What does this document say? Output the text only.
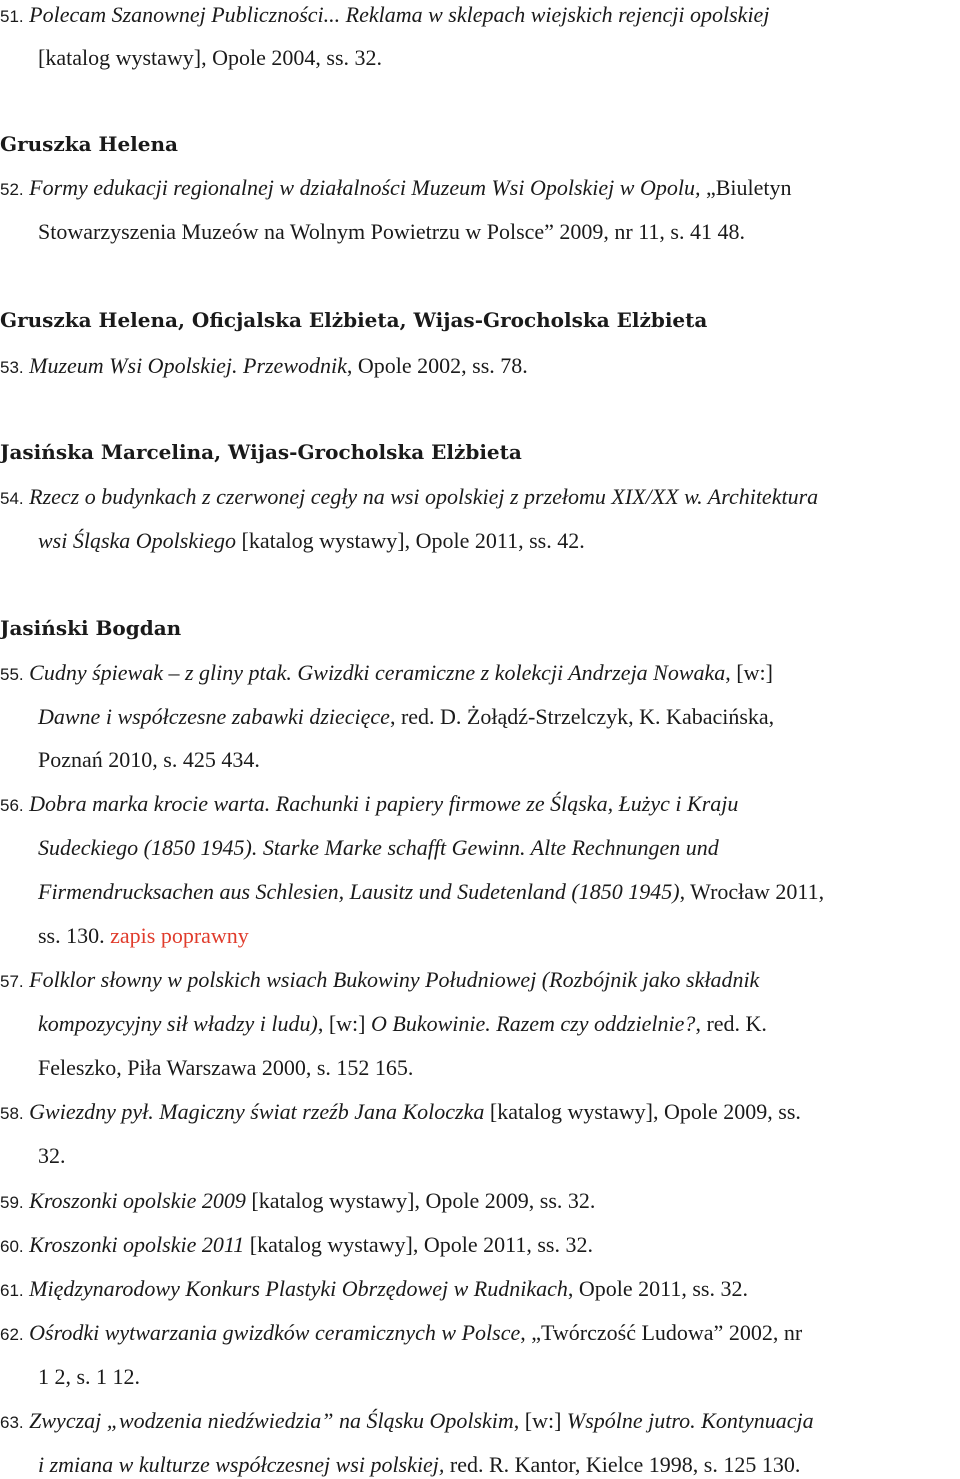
51. Polecam Szanownej Publiczności... Reklama w sklepach wiejskich rejencji opolskiej
[katalog wystawy], Opole 2004, ss. 32.
Gruszka Helena
52. Formy edukacji regionalnej w działalności Muzeum Wsi Opolskiej w Opolu, „Biuletyn
Stowarzyszenia Muzeów na Wolnym Powietrzu w Polsce” 2009, nr 11, s. 41 48.
Gruszka Helena, Oficjalska Elżbieta, Wijas-Grocholska Elżbieta
53. Muzeum Wsi Opolskiej. Przewodnik, Opole 2002, ss. 78.
Jasińska Marcelina, Wijas-Grocholska Elżbieta
54. Rzecz o budynkach z czerwonej cegły na wsi opolskiej z przełomu XIX/XX w. Architektura
wsi Śląska Opolskiego [katalog wystawy], Opole 2011, ss. 42.
Jasiński Bogdan
55. Cudny śpiewak – z gliny ptak. Gwizdki ceramiczne z kolekcji Andrzeja Nowaka, [w:]
Dawne i współczesne zabawki dziecięce, red. D. Żołądź-Strzelczyk, K. Kabacińska,
Poznań 2010, s. 425 434.
56. Dobra marka krocie warta. Rachunki i papiery firmowe ze Śląska, Łużyc i Kraju
Sudeckiego (1850 1945). Starke Marke schafft Gewinn. Alte Rechnungen und
Firmendrucksachen aus Schlesien, Lausitz und Sudetenland (1850 1945), Wrocław 2011,
ss. 130. zapis poprawny
57. Folklor słowny w polskich wsiach Bukowiny Południowej (Rozbójnik jako składnik
kompozycyjny sił władzy i ludu), [w:] O Bukowinie. Razem czy oddzielnie?, red. K.
Feleszko, Piła Warszawa 2000, s. 152 165.
58. Gwiezdny pył. Magiczny świat rzeźb Jana Koloczka [katalog wystawy], Opole 2009, ss.
32.
59. Kroszonki opolskie 2009 [katalog wystawy], Opole 2009, ss. 32.
60. Kroszonki opolskie 2011 [katalog wystawy], Opole 2011, ss. 32.
61. Międzynarodowy Konkurs Plastyki Obrzędowej w Rudnikach, Opole 2011, ss. 32.
62. Ośrodki wytwarzania gwizdków ceramicznych w Polsce, „Twórczość Ludowa” 2002, nr
1 2, s. 1 12.
63. Zwyczaj „wodzenia niedźwiedzia” na Śląsku Opolskim, [w:] Wspólne jutro. Kontynuacja
i zmiana w kulturze współczesnej wsi polskiej, red. R. Kantor, Kielce 1998, s. 125 130.
